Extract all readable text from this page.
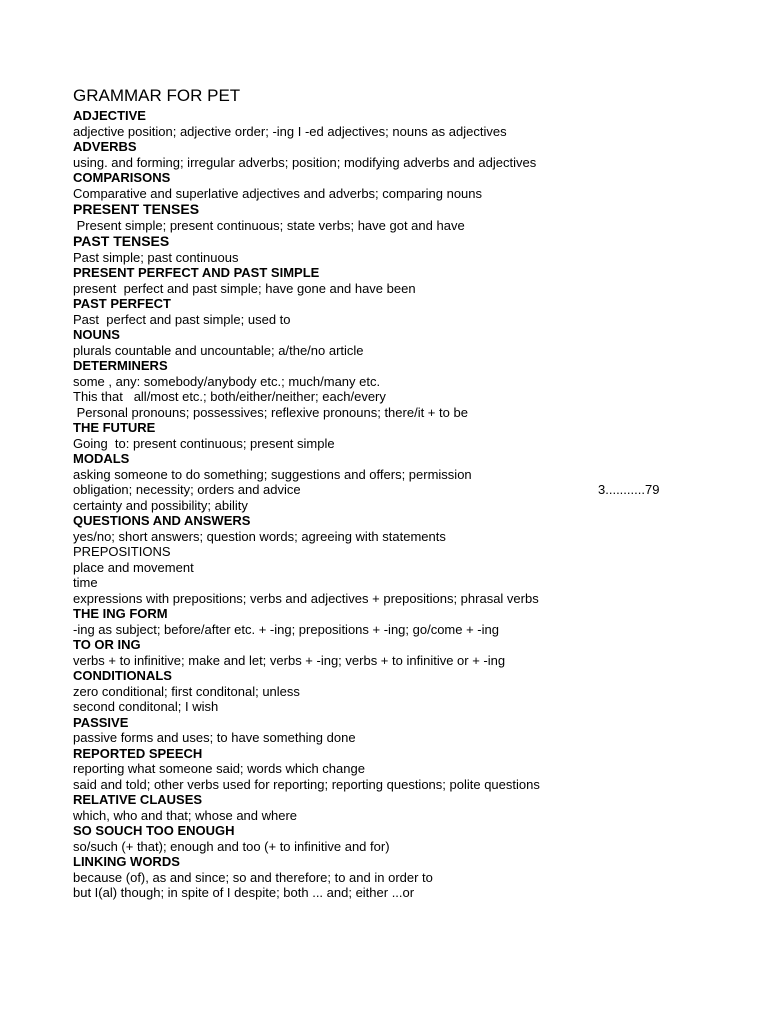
GRAMMAR FOR PET
ADJECTIVE
adjective position; adjective order; -ing I -ed adjectives; nouns as adjectives
ADVERBS
using. and forming; irregular adverbs; position; modifying adverbs and adjectives
COMPARISONS
Comparative and superlative adjectives and adverbs; comparing nouns
PRESENT TENSES
Present simple; present continuous; state verbs; have got and have
PAST TENSES
Past simple; past continuous
PRESENT PERFECT AND PAST SIMPLE
present  perfect and past simple; have gone and have been
PAST PERFECT
Past  perfect and past simple; used to
NOUNS
plurals countable and uncountable; a/the/no article
DETERMINERS
some , any: somebody/anybody etc.; much/many etc.
This that   all/most etc.; both/either/neither; each/every
Personal pronouns; possessives; reflexive pronouns; there/it + to be
THE FUTURE
Going  to: present continuous; present simple
MODALS
asking someone to do something; suggestions and offers; permission
obligation; necessity; orders and advice	3...........79
certainty and possibility; ability
QUESTIONS AND ANSWERS
yes/no; short answers; question words; agreeing with statements
PREPOSITIONS
place and movement
time
expressions with prepositions; verbs and adjectives + prepositions; phrasal verbs
THE ING FORM
-ing as subject; before/after etc. + -ing; prepositions + -ing; go/come + -ing
TO OR ING
verbs + to infinitive; make and let; verbs + -ing; verbs + to infinitive or + -ing
CONDITIONALS
zero conditional; first conditonal; unless
second conditonal; I wish
PASSIVE
passive forms and uses; to have something done
REPORTED SPEECH
reporting what someone said; words which change
said and told; other verbs used for reporting; reporting questions; polite questions
RELATIVE CLAUSES
which, who and that; whose and where
SO SOUCH TOO ENOUGH
so/such (+ that); enough and too (+ to infinitive and for)
LINKING WORDS
because (of), as and since; so and therefore; to and in order to
but I(al) though; in spite of I despite; both ... and; either ...or
